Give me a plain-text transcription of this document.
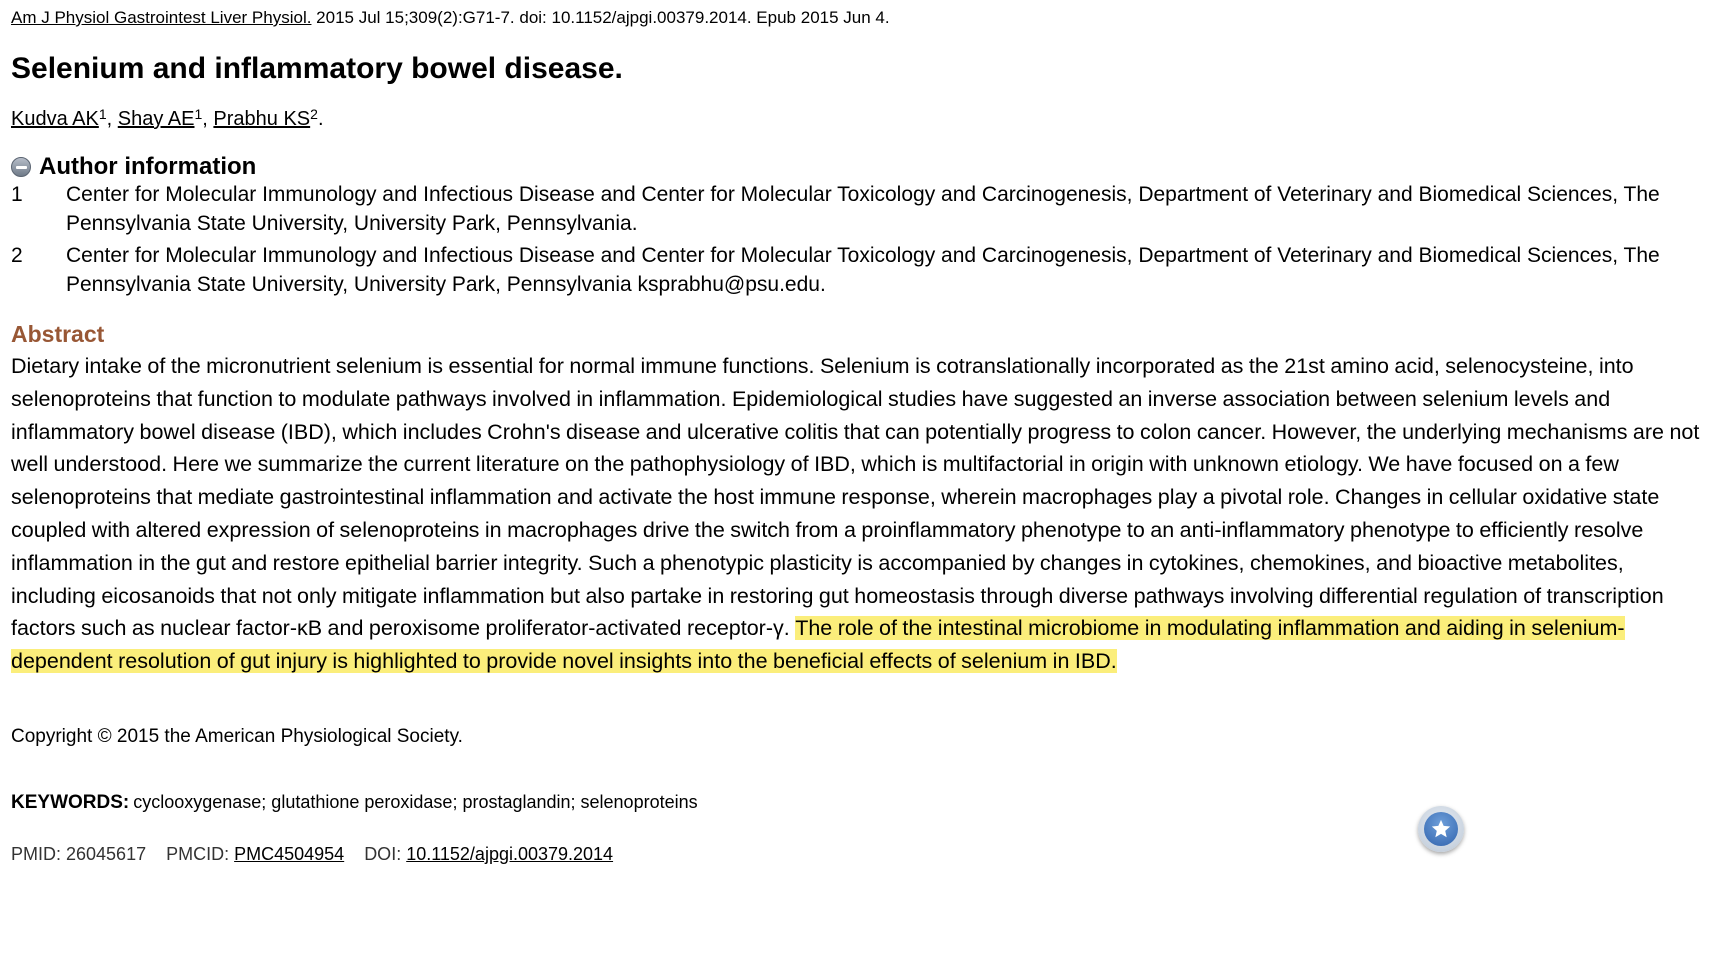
Am J Physiol Gastrointest Liver Physiol. 2015 Jul 15;309(2):G71-7. doi: 10.1152/ajpgi.00379.2014. Epub 2015 Jun 4.
Selenium and inflammatory bowel disease.
Kudva $AK^1$, Shay $AE^1$, Prabhu $KS^2$.
Author information
1	Center for Molecular Immunology and Infectious Disease and Center for Molecular Toxicology and Carcinogenesis, Department of Veterinary and Biomedical Sciences, The Pennsylvania State University, University Park, Pennsylvania.
2	Center for Molecular Immunology and Infectious Disease and Center for Molecular Toxicology and Carcinogenesis, Department of Veterinary and Biomedical Sciences, The Pennsylvania State University, University Park, Pennsylvania ksprabhu@psu.edu.
Abstract
Dietary intake of the micronutrient selenium is essential for normal immune functions. Selenium is cotranslationally incorporated as the 21st amino acid, selenocysteine, into selenoproteins that function to modulate pathways involved in inflammation. Epidemiological studies have suggested an inverse association between selenium levels and inflammatory bowel disease (IBD), which includes Crohn's disease and ulcerative colitis that can potentially progress to colon cancer. However, the underlying mechanisms are not well understood. Here we summarize the current literature on the pathophysiology of IBD, which is multifactorial in origin with unknown etiology. We have focused on a few selenoproteins that mediate gastrointestinal inflammation and activate the host immune response, wherein macrophages play a pivotal role. Changes in cellular oxidative state coupled with altered expression of selenoproteins in macrophages drive the switch from a proinflammatory phenotype to an anti-inflammatory phenotype to efficiently resolve inflammation in the gut and restore epithelial barrier integrity. Such a phenotypic plasticity is accompanied by changes in cytokines, chemokines, and bioactive metabolites, including eicosanoids that not only mitigate inflammation but also partake in restoring gut homeostasis through diverse pathways involving differential regulation of transcription factors such as nuclear factor-κB and peroxisome proliferator-activated receptor-γ. The role of the intestinal microbiome in modulating inflammation and aiding in selenium-dependent resolution of gut injury is highlighted to provide novel insights into the beneficial effects of selenium in IBD.
Copyright © 2015 the American Physiological Society.
KEYWORDS: cyclooxygenase; glutathione peroxidase; prostaglandin; selenoproteins
PMID: 26045617 PMCID: PMC4504954 DOI: 10.1152/ajpgi.00379.2014
